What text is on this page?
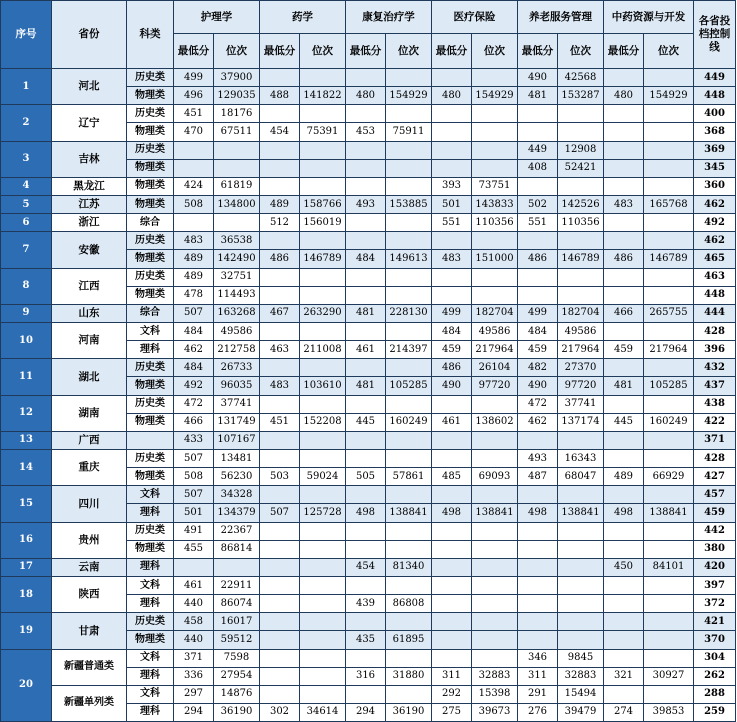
序号	省份	科类	护理学		药学		康复治疗学		医疗保险		养老服务管理		中药资源与开发		各省投档控制线
			最低分	位次	最低分	位次	最低分	位次	最低分	位次	最低分	位次	最低分	位次	
1	河北	历史类	499	37900							490	42568			449
		物理类	496	129035	488	141822	480	154929	480	154929	481	153287	480	154929	448
2	辽宁	历史类	451	18176											400
		物理类	470	67511	454	75391	453	75911							368
3	吉林	历史类									449	12908			369
		物理类									408	52421			345
4	黑龙江	物理类	424	61819					393	73751					360
5	江苏	物理类	508	134800	489	158766	493	153885	501	143833	502	142526	483	165768	462
6	浙江	综合			512	156019			551	110356	551	110356			492
7	安徽	历史类	483	36538											462
		物理类	489	142490	486	146789	484	149613	483	151000	486	146789	486	146789	465
8	江西	历史类	489	32751											463
		物理类	478	114493											448
9	山东	综合	507	163268	467	263290	481	228130	499	182704	499	182704	466	265755	444
10	河南	文科	484	49586					484	49586	484	49586			428
		理科	462	212758	463	211008	461	214397	459	217964	459	217964	459	217964	396
11	湖北	历史类	484	26733					486	26104	482	27370			432
		物理类	492	96035	483	103610	481	105285	490	97720	490	97720	481	105285	437
12	湖南	历史类	472	37741							472	37741			438
		物理类	466	131749	451	152208	445	160249	461	138602	462	137174	445	160249	422
13	广西		433	107167											371
14	重庆	历史类	507	13481							493	16343			428
		物理类	508	56230	503	59024	505	57861	485	69093	487	68047	489	66929	427
15	四川	文科	507	34328											457
		理科	501	134379	507	125728	498	138841	498	138841	498	138841	498	138841	459
16	贵州	历史类	491	22367											442
		物理类	455	86814											380
17	云南	理科					454	81340					450	84101	420
18	陕西	文科	461	22911											397
		理科	440	86074			439	86808							372
19	甘肃	历史类	458	16017											421
		物理类	440	59512			435	61895							370
20	新疆普通类	文科	371	7598							346	9845			304
		理科	336	27954			316	31880	311	32883	311	32883	321	30927	262
	新疆单列类	文科	297	14876					292	15398	291	15494			288
		理科	294	36190	302	34614	294	36190	275	39673	276	39479	274	39853	259
